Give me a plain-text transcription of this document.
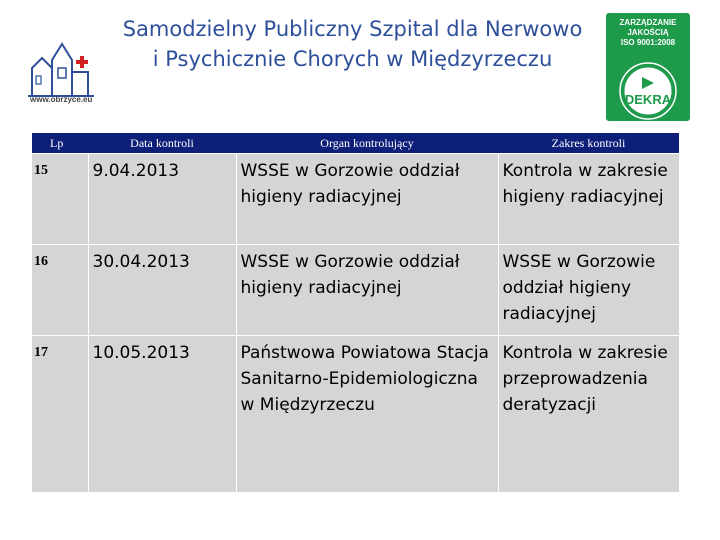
Samodzielny Publiczny Szpital dla Nerwowo
i Psychicznie Chorych w Międzyrzeczu
www.obrzyce.eu
ZARZĄDZANIE
JAKOŚCIĄ
ISO 9001:2008
DEKRA
Lp	Data kontroli	Organ kontrolujący	Zakres kontroli
15	9.04.2013	WSSE w Gorzowie oddział higieny radiacyjnej	Kontrola w zakresie higieny radiacyjnej
16	30.04.2013	WSSE w Gorzowie oddział higieny radiacyjnej	WSSE w Gorzowie oddział higieny radiacyjnej
17	10.05.2013	Państwowa Powiatowa Stacja Sanitarno-Epidemiologiczna w Międzyrzeczu	Kontrola w zakresie przeprowadzenia deratyzacji
